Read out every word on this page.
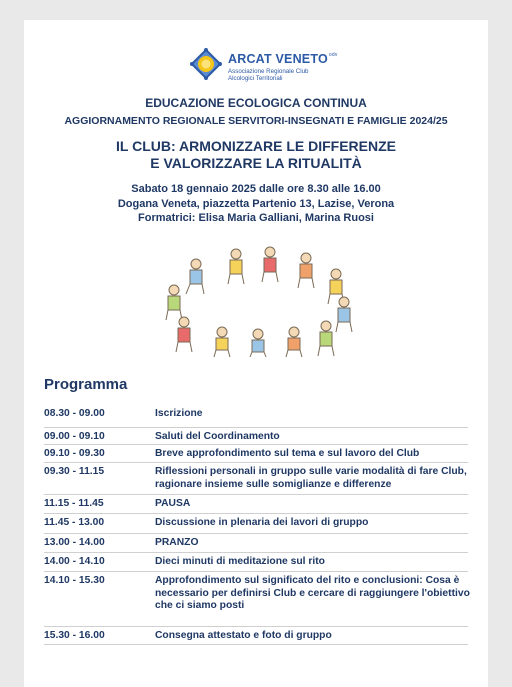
ARCAT $VENETO^{odv}$
Associazione Regionale Club
Alcologici Territoriali
EDUCAZIONE ECOLOGICA CONTINUA
AGGIORNAMENTO REGIONALE SERVITORI-INSEGNATI E FAMIGLIE 2024/25
IL CLUB: ARMONIZZARE LE DIFFERENZE
E VALORIZZARE LA RITUALITÀ
Sabato 18 gennaio 2025 dalle ore 8.30 alle 16.00
Dogana Veneta, piazzetta Partenio 13, Lazise, Verona
Formatrici: Elisa Maria Galliani, Marina Ruosi
Programma
08.30 - 09.00	Iscrizione
09.00 - 09.10	Saluti del Coordinamento
09.10 - 09.30	Breve approfondimento sul tema e sul lavoro del Club
09.30 - 11.15	Riflessioni personali in gruppo sulle varie modalità di fare Club, ragionare insieme sulle somiglianze e differenze
11.15 - 11.45	PAUSA
11.45 - 13.00	Discussione in plenaria dei lavori di gruppo
13.00 - 14.00	PRANZO
14.00 - 14.10	Dieci minuti di meditazione sul rito
14.10 - 15.30	Approfondimento sul significato del rito e conclusioni: Cosa è necessario per definirsi Club e cercare di raggiungere l'obiettivo che ci siamo posti
15.30 - 16.00	Consegna attestato e foto di gruppo
